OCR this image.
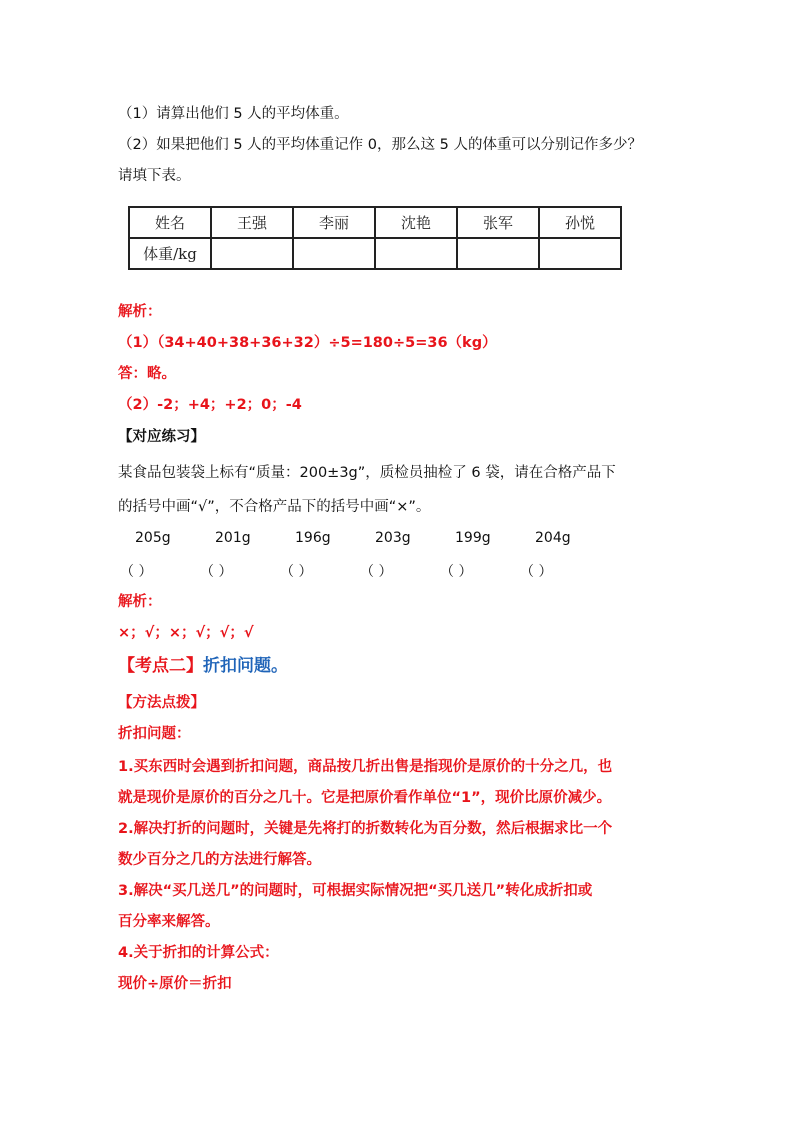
（1）请算出他们 5 人的平均体重。
（2）如果把他们 5 人的平均体重记作 0，那么这 5 人的体重可以分别记作多少？
请填下表。
姓名	王强	李丽	沈艳	张军	孙悦
体重/kg					
解析：
（1）（34+40+38+36+32）÷5=180÷5=36（kg）
答：略。
（2）-2；+4；+2；0；-4
【对应练习】
某食品包装袋上标有“质量：200±3g”，质检员抽检了 6 袋，请在合格产品下
的括号中画“√”，不合格产品下的括号中画“×”。
205g	201g	196g	203g	199g	204g
（ ）	（ ）	（ ）	（ ）	（ ）	（ ）
解析：
×；√；×；√；√；√
【考点二】折扣问题。
【方法点拨】
折扣问题：
1.买东西时会遇到折扣问题，商品按几折出售是指现价是原价的十分之几，也
就是现价是原价的百分之几十。它是把原价看作单位“1”，现价比原价减少。
2.解决打折的问题时，关键是先将打的折数转化为百分数，然后根据求比一个
数少百分之几的方法进行解答。
3.解决“买几送几”的问题时，可根据实际情况把“买几送几”转化成折扣或
百分率来解答。
4.关于折扣的计算公式：
现价÷原价＝折扣
